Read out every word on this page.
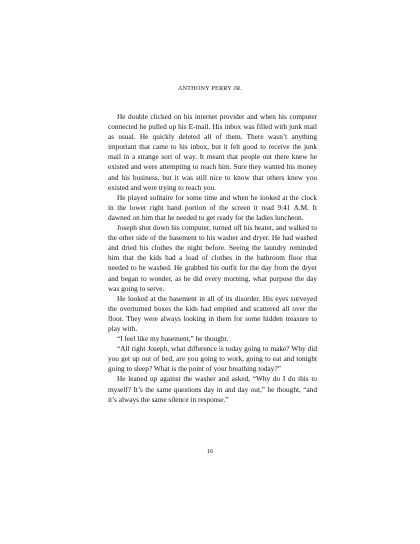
ANTHONY PERRY JR.

He double clicked on his internet provider and when his computer connected he pulled up his E-mail. His inbox was filled with junk mail as usual. He quickly deleted all of them. There wasn’t anything important that came to his inbox, but it felt good to receive the junk mail in a strange sort of way. It meant that people out there knew he existed and were attempting to reach him. Sure they wanted his money and his business, but it was still nice to know that others knew you existed and were trying to reach you.

He played solitaire for some time and when he looked at the clock in the lower right hand portion of the screen it read 9:41 A.M. It dawned on him that he needed to get ready for the ladies luncheon.

Joseph shut down his computer, turned off his heater, and walked to the other side of the basement to his washer and dryer. He had washed and dried his clothes the night before. Seeing the laundry reminded him that the kids had a load of clothes in the bathroom floor that needed to be washed. He grabbed his outfit for the day from the dryer and began to wonder, as he did every morning, what purpose the day was going to serve.

He looked at the basement in all of its disorder. His eyes surveyed the overturned boxes the kids had emptied and scattered all over the floor. They were always looking in them for some hidden treasure to play with.

“I feel like my basement,” he thought.

“All right Joseph, what difference is today going to make? Why did you get up out of bed, are you going to work, going to eat and tonight going to sleep? What is the point of your breathing today?”

He leaned up against the washer and asked, “Why do I do this to myself? It’s the same questions day in and day out,” he thought, “and it’s always the same silence in response.”

16
